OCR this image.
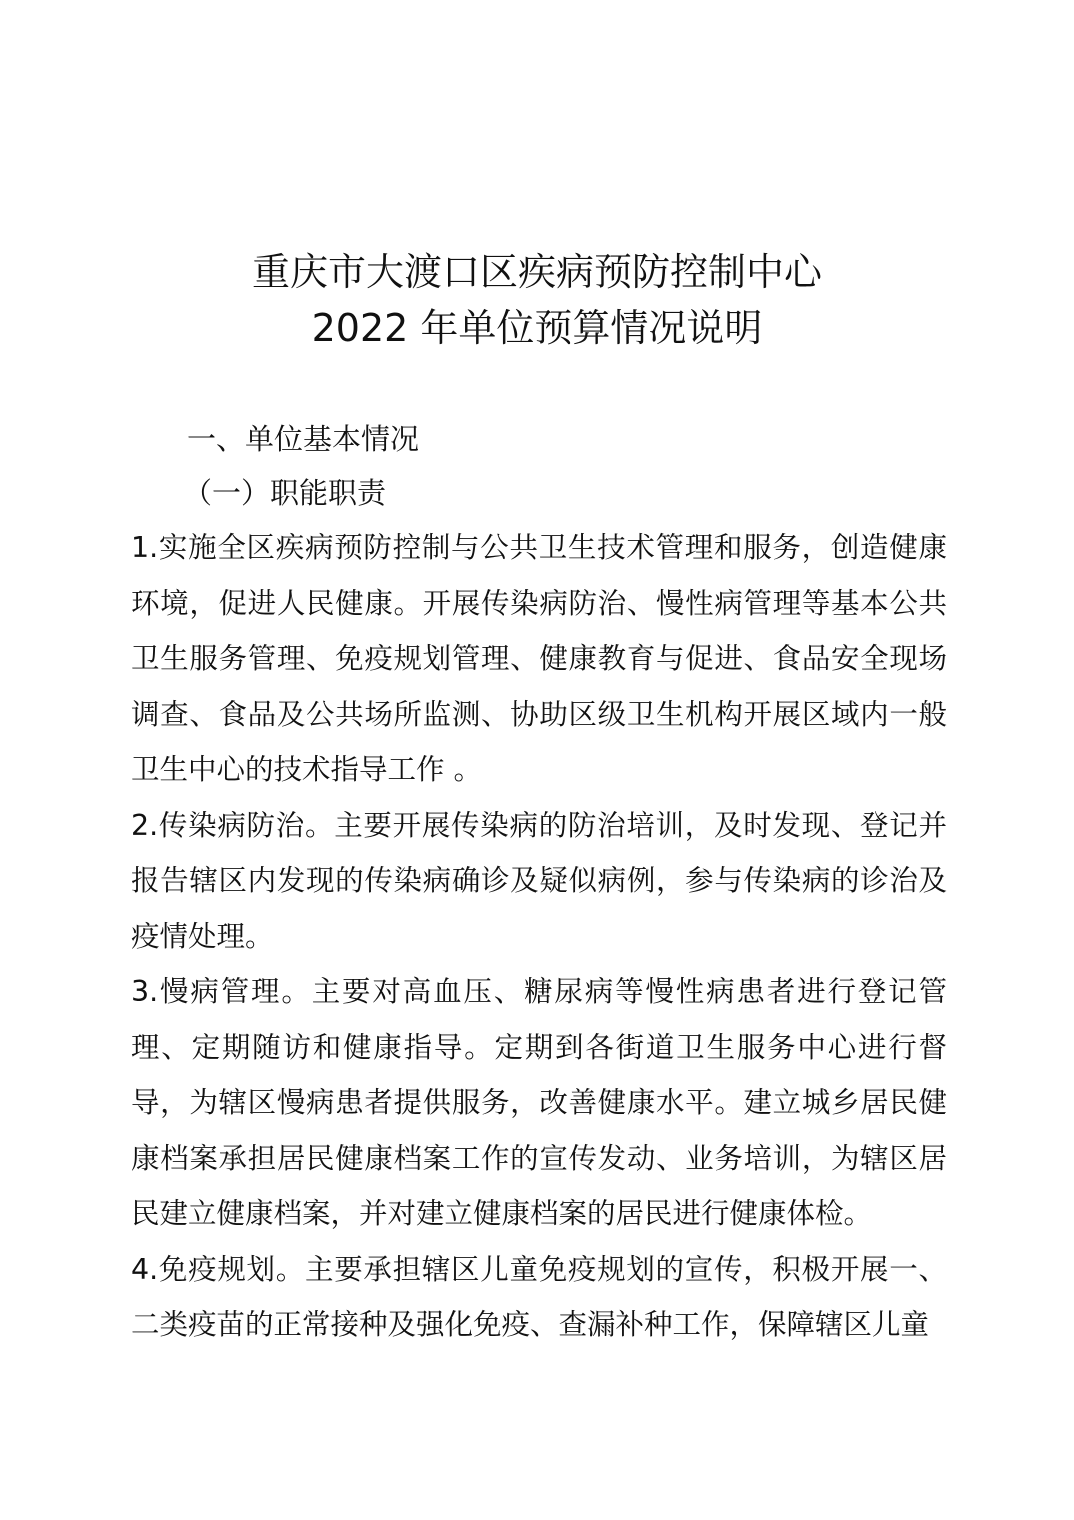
重庆市大渡口区疾病预防控制中心
2022 年单位预算情况说明
一、单位基本情况
（一）职能职责

1.实施全区疾病预防控制与公共卫生技术管理和服务，创造健康环境，促进人民健康。开展传染病防治、慢性病管理等基本公共卫生服务管理、免疫规划管理、健康教育与促进、食品安全现场调查、食品及公共场所监测、协助区级卫生机构开展区域内一般卫生中心的技术指导工作 。

2.传染病防治。主要开展传染病的防治培训，及时发现、登记并报告辖区内发现的传染病确诊及疑似病例，参与传染病的诊治及疫情处理。

3.慢病管理。主要对高血压、糖尿病等慢性病患者进行登记管理、定期随访和健康指导。定期到各街道卫生服务中心进行督导，为辖区慢病患者提供服务，改善健康水平。建立城乡居民健康档案承担居民健康档案工作的宣传发动、业务培训，为辖区居民建立健康档案，并对建立健康档案的居民进行健康体检。

4.免疫规划。主要承担辖区儿童免疫规划的宣传，积极开展一、二类疫苗的正常接种及强化免疫、查漏补种工作，保障辖区儿童
